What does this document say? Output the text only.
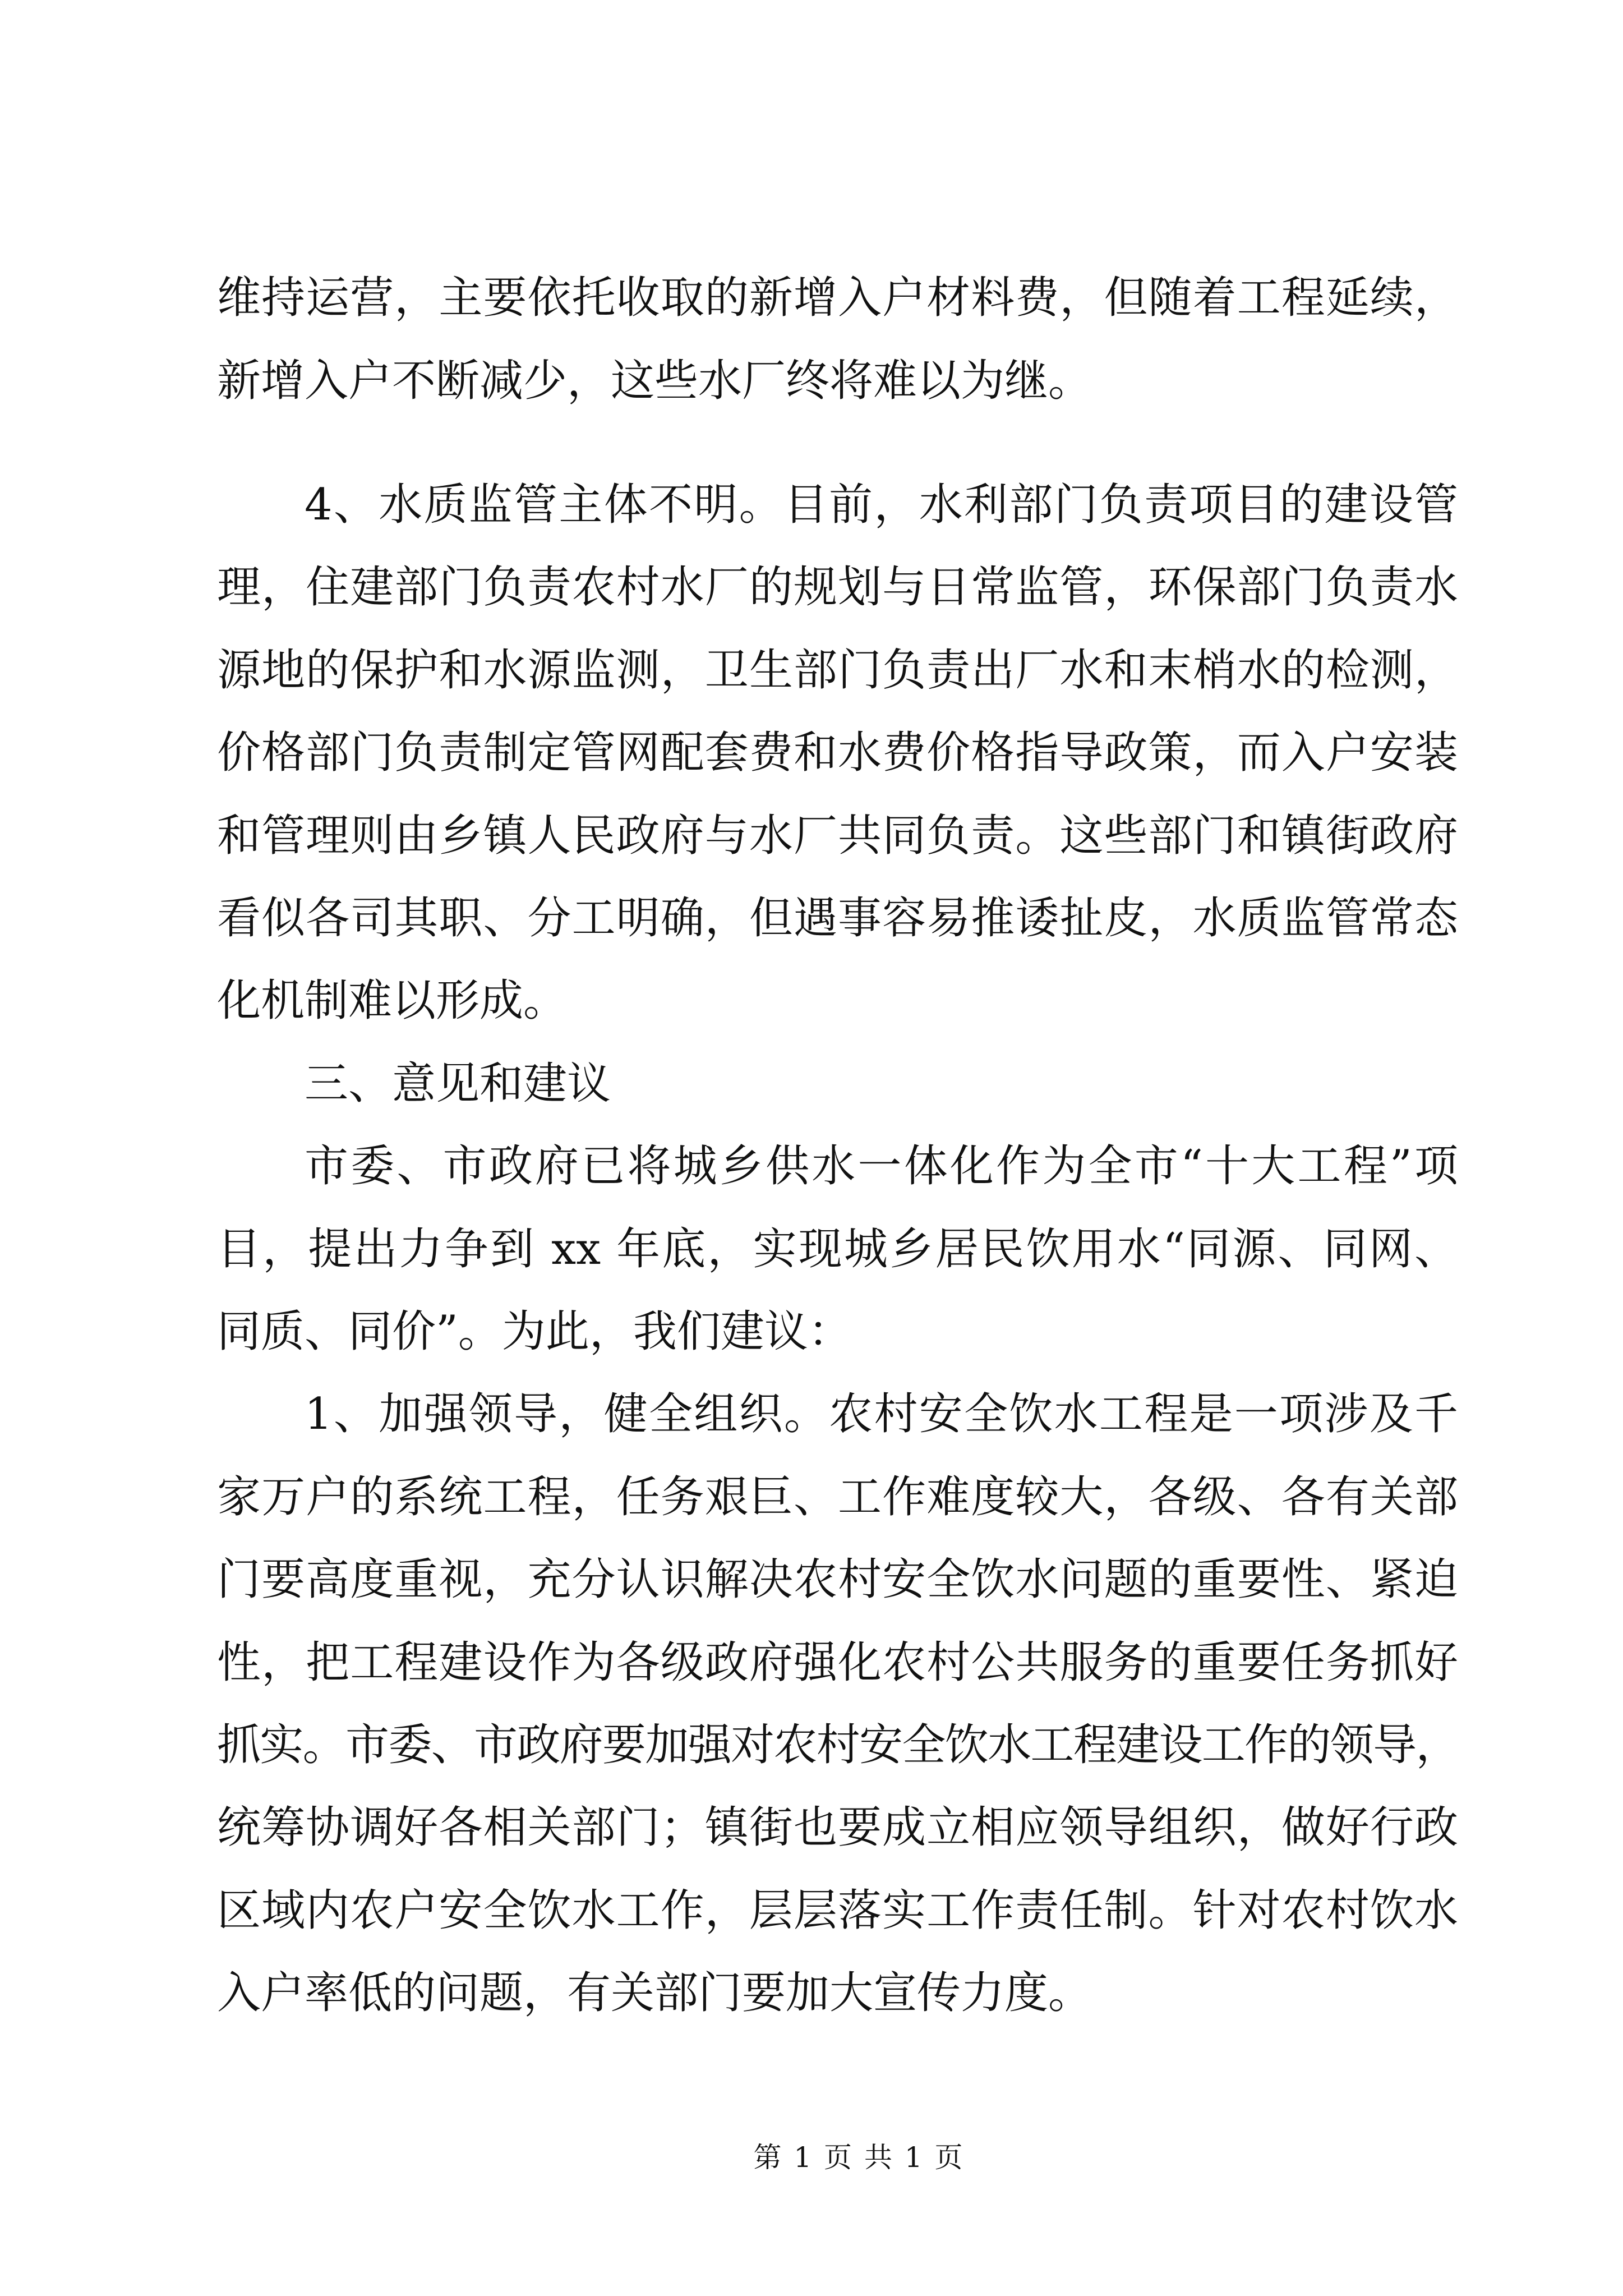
维持运营，主要依托收取的新增入户材料费，但随着工程延续，
新增入户不断减少，这些水厂终将难以为继。
4、水质监管主体不明。目前，水利部门负责项目的建设管
理，住建部门负责农村水厂的规划与日常监管，环保部门负责水
源地的保护和水源监测，卫生部门负责出厂水和末梢水的检测，
价格部门负责制定管网配套费和水费价格指导政策，而入户安装
和管理则由乡镇人民政府与水厂共同负责。这些部门和镇街政府
看似各司其职、分工明确，但遇事容易推诿扯皮，水质监管常态
化机制难以形成。
三、意见和建议
市委、市政府已将城乡供水一体化作为全市“十大工程”项
目，提出力争到 xx 年底，实现城乡居民饮用水“同源、同网、
同质、同价”。为此，我们建议：
1、加强领导，健全组织。农村安全饮水工程是一项涉及千
家万户的系统工程，任务艰巨、工作难度较大，各级、各有关部
门要高度重视，充分认识解决农村安全饮水问题的重要性、紧迫
性，把工程建设作为各级政府强化农村公共服务的重要任务抓好
抓实。市委、市政府要加强对农村安全饮水工程建设工作的领导，
统筹协调好各相关部门；镇街也要成立相应领导组织，做好行政
区域内农户安全饮水工作，层层落实工作责任制。针对农村饮水
入户率低的问题，有关部门要加大宣传力度。
第 1 页 共 1 页
